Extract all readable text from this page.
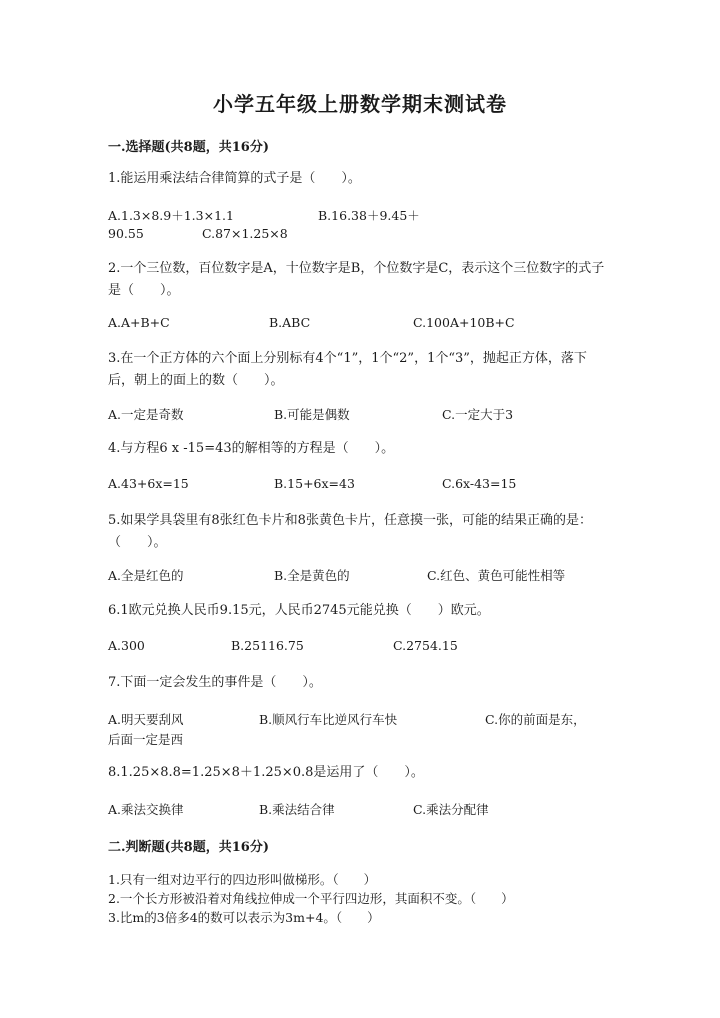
小学五年级上册数学期末测试卷
一.选择题(共8题，共16分)
1.能运用乘法结合律简算的式子是（　　）。
A.1.3×8.9＋1.3×1.1	B.16.38＋9.45＋
90.55	C.87×1.25×8
2.一个三位数，百位数字是A，十位数字是B，个位数字是C，表示这个三位数字的式子是（　　）。
A.A+B+C	B.ABC	C.100A+10B+C
3.在一个正方体的六个面上分别标有4个“1”，1个“2”，1个“3”，抛起正方体，落下后，朝上的面上的数（　　）。
A.一定是奇数	B.可能是偶数	C.一定大于3
4.与方程6 x -15=43的解相等的方程是（　　）。
A.43+6x=15	B.15+6x=43	C.6x-43=15
5.如果学具袋里有8张红色卡片和8张黄色卡片，任意摸一张，可能的结果正确的是：（　　）。
A.全是红色的	B.全是黄色的	C.红色、黄色可能性相等
6.1欧元兑换人民币9.15元，人民币2745元能兑换（　　）欧元。
A.300	B.25116.75	C.2754.15
7.下面一定会发生的事件是（　　）。
A.明天要刮风	B.顺风行车比逆风行车快	C.你的前面是东，
后面一定是西
8.1.25×8.8=1.25×8＋1.25×0.8是运用了（　　）。
A.乘法交换律	B.乘法结合律	C.乘法分配律
二.判断题(共8题，共16分)
1.只有一组对边平行的四边形叫做梯形。（　　）
2.一个长方形被沿着对角线拉伸成一个平行四边形，其面积不变。（　　）
3.比m的3倍多4的数可以表示为3m+4。（　　）
